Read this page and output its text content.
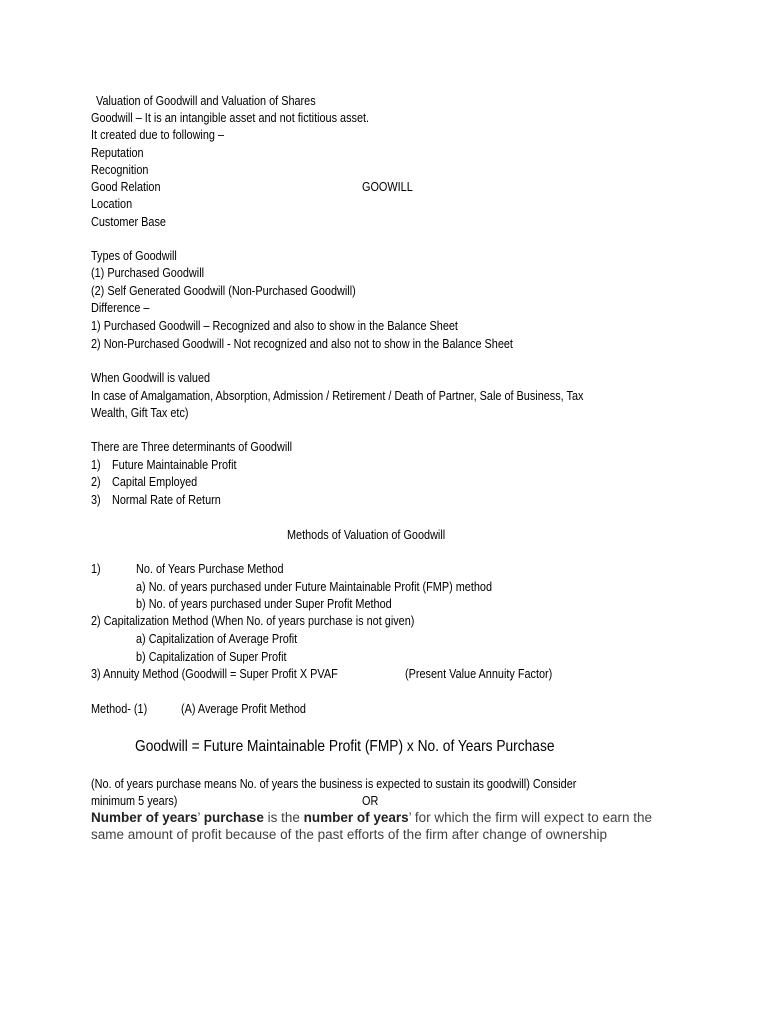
Valuation of Goodwill and Valuation of Shares
Goodwill – It is an intangible asset and not fictitious asset.
It created due to following –
Reputation
Recognition
Good Relation	GOOWILL
Location
Customer Base
Types of Goodwill
(1) Purchased Goodwill
(2) Self Generated Goodwill (Non-Purchased Goodwill)
Difference –
1) Purchased Goodwill – Recognized and also to show in the Balance Sheet
2) Non-Purchased Goodwill - Not recognized and also not to show in the Balance Sheet
When Goodwill is valued
In case of Amalgamation, Absorption, Admission / Retirement / Death of Partner, Sale of Business, Tax
Wealth, Gift Tax etc)
There are Three determinants of Goodwill
1) Future Maintainable Profit
2) Capital Employed
3) Normal Rate of Return
Methods of Valuation of Goodwill
1)	No. of Years Purchase Method
a) No. of years purchased under Future Maintainable Profit (FMP) method
b) No. of years purchased under Super Profit Method
2) Capitalization Method (When No. of years purchase is not given)
a) Capitalization of Average Profit
b) Capitalization of Super Profit
3) Annuity Method (Goodwill = Super Profit X PVAF	(Present Value Annuity Factor)
Method- (1)	(A) Average Profit Method
Goodwill = Future Maintainable Profit (FMP) x No. of Years Purchase
(No. of years purchase means No. of years the business is expected to sustain its goodwill) Consider
minimum 5 years)	OR
Number of years’ purchase is the number of years’ for which the firm will expect to earn the
same amount of profit because of the past efforts of the firm after change of ownership
